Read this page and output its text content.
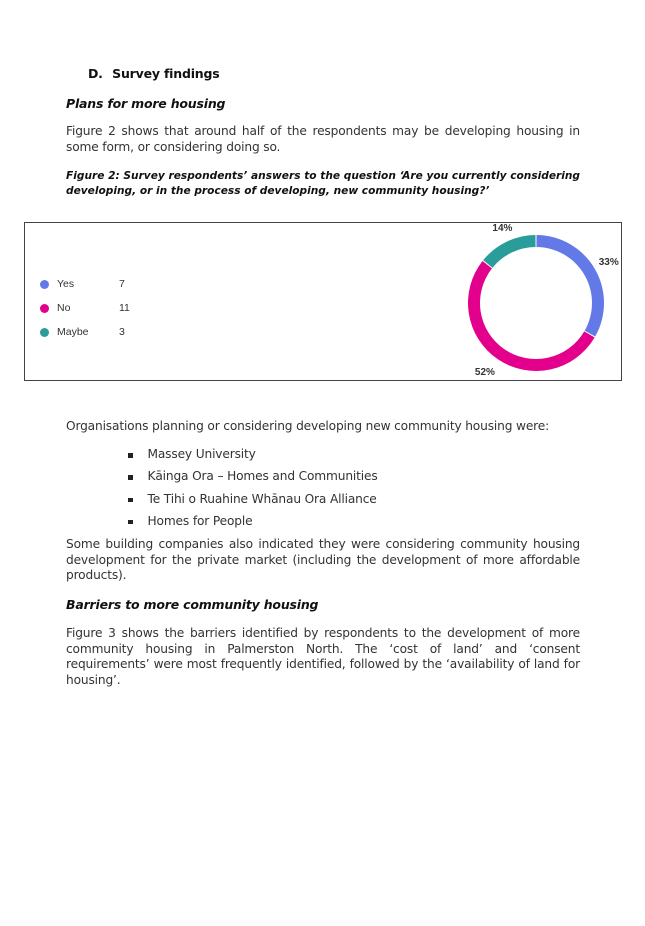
D. Survey findings
Plans for more housing

Figure 2 shows that around half of the respondents may be developing housing in some form, or considering doing so.

Figure 2: Survey respondents’ answers to the question ‘Are you currently considering developing, or in the process of developing, new community housing?’

Yes	7
No	11
Maybe	3
33%
52%
14%

Organisations planning or considering developing new community housing were:

Massey University
Kāinga Ora – Homes and Communities
Te Tihi o Ruahine Whānau Ora Alliance
Homes for People

Some building companies also indicated they were considering community housing development for the private market (including the development of more affordable products).

Barriers to more community housing

Figure 3 shows the barriers identified by respondents to the development of more community housing in Palmerston North. The ‘cost of land’ and ‘consent requirements’ were most frequently identified, followed by the ‘availability of land for housing’.
